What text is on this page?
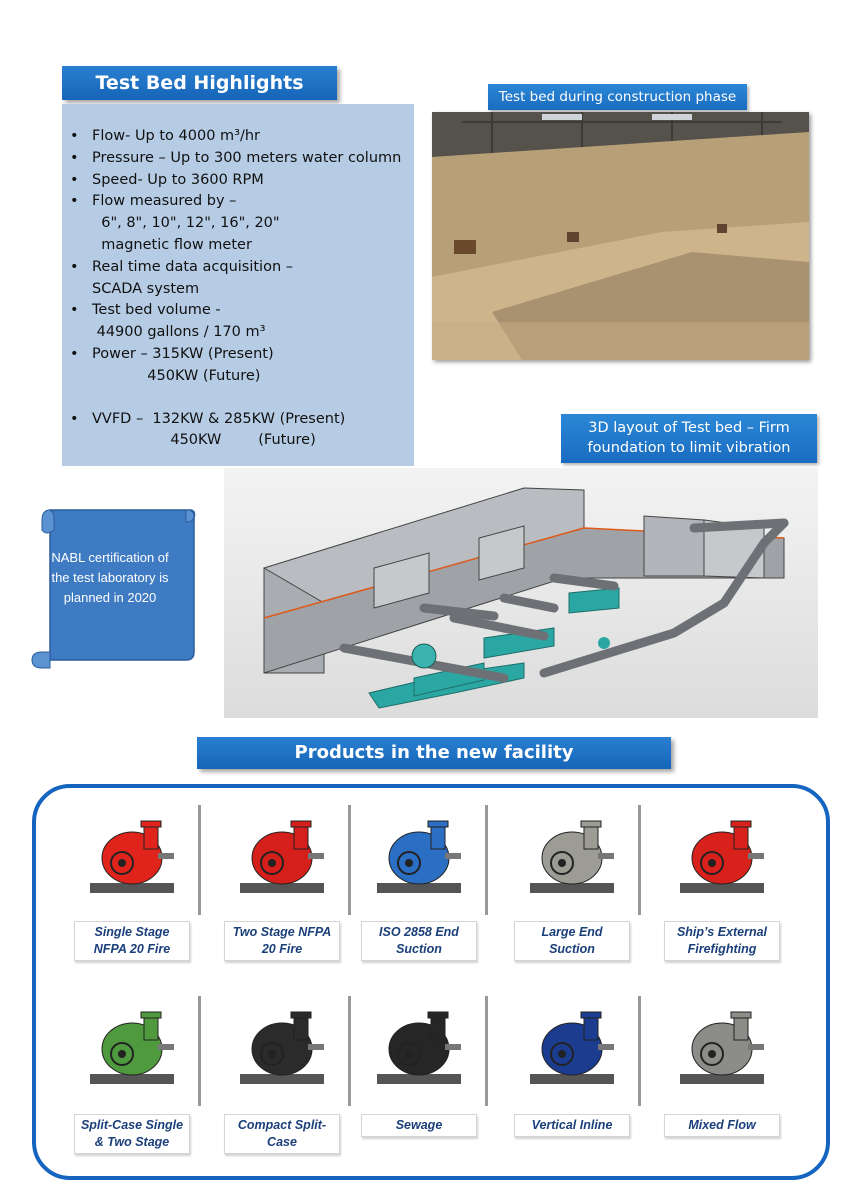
Test Bed Highlights
• Flow- Up to 4000 m³/hr
• Pressure – Up to 300 meters water column
• Speed- Up to 3600 RPM
• Flow measured by –
6", 8", 10", 12", 16", 20"
magnetic flow meter
• Real time data acquisition –
SCADA system
• Test bed volume -
44900 gallons / 170 m³
• Power – 315KW (Present)
450KW (Future)
• VVFD –  132KW & 285KW (Present)
450KW        (Future)
Test bed during construction phase
3D layout of Test bed – Firm foundation to limit vibration
NABL certification of the test laboratory is planned in 2020
Products in the new facility
Single Stage NFPA 20 Fire
Two Stage NFPA 20 Fire
ISO 2858 End Suction
Large End Suction
Ship’s External Firefighting
Split-Case Single & Two Stage
Compact Split-Case
Sewage	Vertical Inline	Mixed Flow
